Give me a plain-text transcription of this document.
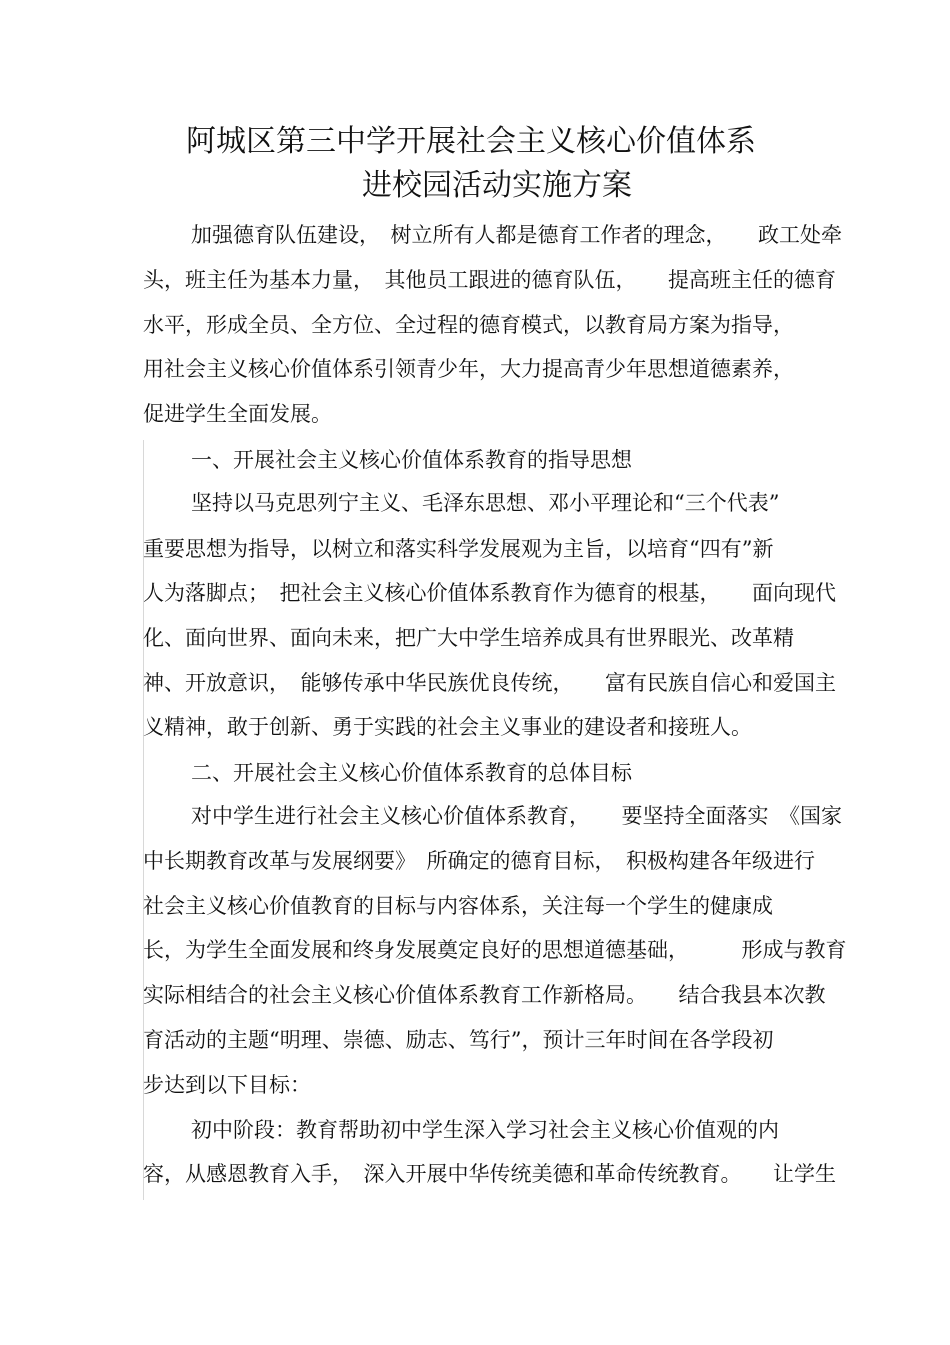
阿城区第三中学开展社会主义核心价值体系
进校园活动实施方案
加强德育队伍建设，　树立所有人都是德育工作者的理念，　　政工处牵
头，班主任为基本力量，　其他员工跟进的德育队伍，　　提高班主任的德育
水平，形成全员、全方位、全过程的德育模式，以教育局方案为指导，
用社会主义核心价值体系引领青少年，大力提高青少年思想道德素养，
促进学生全面发展。
一、开展社会主义核心价值体系教育的指导思想
坚持以马克思列宁主义、毛泽东思想、邓小平理论和“三个代表”
重要思想为指导，以树立和落实科学发展观为主旨，以培育“四有”新
人为落脚点；　把社会主义核心价值体系教育作为德育的根基，　　面向现代
化、面向世界、面向未来，把广大中学生培养成具有世界眼光、改革精
神、开放意识，　能够传承中华民族优良传统，　　富有民族自信心和爱国主
义精神，敢于创新、勇于实践的社会主义事业的建设者和接班人。
二、开展社会主义核心价值体系教育的总体目标
对中学生进行社会主义核心价值体系教育，　　要坚持全面落实　《国家
中长期教育改革与发展纲要》　所确定的德育目标，　积极构建各年级进行
社会主义核心价值教育的目标与内容体系，关注每一个学生的健康成
长，为学生全面发展和终身发展奠定良好的思想道德基础，　　　形成与教育
实际相结合的社会主义核心价值体系教育工作新格局。　　结合我县本次教
育活动的主题“明理、崇德、励志、笃行”，预计三年时间在各学段初
步达到以下目标：
初中阶段：教育帮助初中学生深入学习社会主义核心价值观的内
容，从感恩教育入手，　深入开展中华传统美德和革命传统教育。　　让学生
